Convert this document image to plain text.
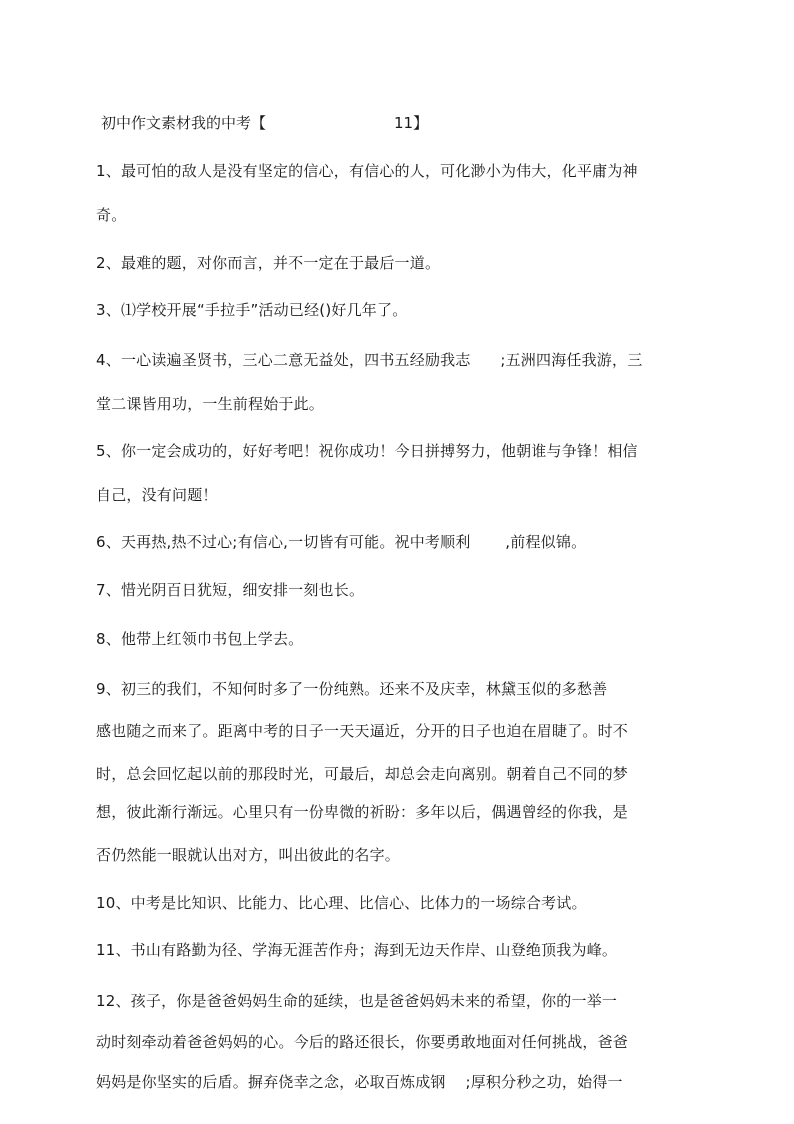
初中作文素材我的中考【	11】
1、最可怕的敌人是没有坚定的信心，有信心的人，可化渺小为伟大，化平庸为神
奇。
2、最难的题，对你而言，并不一定在于最后一道。
3、⑴学校开展“手拉手”活动已经()好几年了。
4、一心读遍圣贤书，三心二意无益处，四书五经励我志      ;五洲四海任我游，三
堂二课皆用功，一生前程始于此。
5、你一定会成功的，好好考吧！祝你成功！今日拼搏努力，他朝谁与争锋！相信
自己，没有问题！
6、天再热,热不过心;有信心,一切皆有可能。祝中考顺利       ,前程似锦。
7、惜光阴百日犹短，细安排一刻也长。
8、他带上红领巾书包上学去。
9、初三的我们，不知何时多了一份纯熟。还来不及庆幸，林黛玉似的多愁善
感也随之而来了。距离中考的日子一天天逼近，分开的日子也迫在眉睫了。时不
时，总会回忆起以前的那段时光，可最后，却总会走向离别。朝着自己不同的梦
想，彼此渐行渐远。心里只有一份卑微的祈盼：多年以后，偶遇曾经的你我，是
否仍然能一眼就认出对方，叫出彼此的名字。
10、中考是比知识、比能力、比心理、比信心、比体力的一场综合考试。
11、书山有路勤为径、学海无涯苦作舟；海到无边天作岸、山登绝顶我为峰。
12、孩子，你是爸爸妈妈生命的延续，也是爸爸妈妈未来的希望，你的一举一
动时刻牵动着爸爸妈妈的心。今后的路还很长，你要勇敢地面对任何挑战，爸爸
妈妈是你坚实的后盾。摒弃侥幸之念，必取百炼成钢    ;厚积分秒之功，始得一
